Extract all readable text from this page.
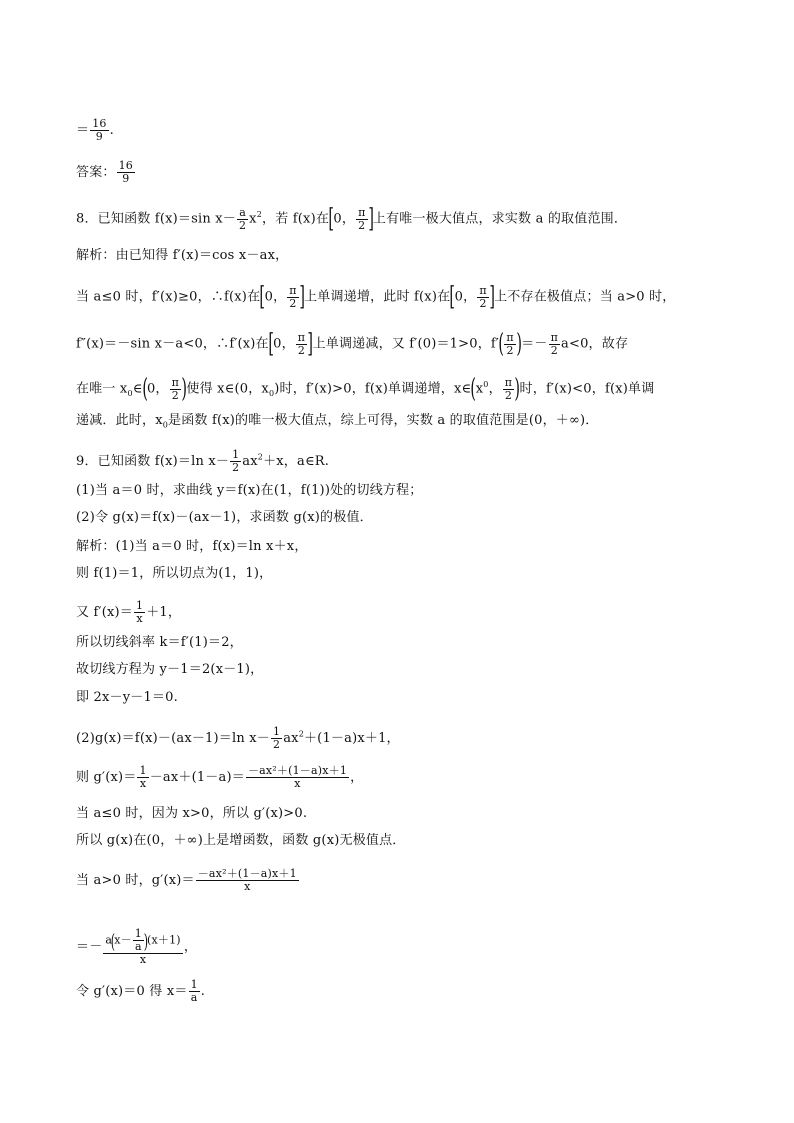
＝ $\frac{16}{9}$ .
答案： $\frac{16}{9}$
8．已知函数 f(x)＝sin $x- \frac{a}{2} x^2$，若 f(x)在[0， $\frac{\pi}{2}$ ]上有唯一极大值点，求实数 a 的取值范围．
解析：由已知得 f′(x)＝cos x－ax，
当 a≤0 时，f′(x)≥0，∴f(x)在[0， $\frac{\pi}{2}$ ]上单调递增，此时 f(x)在[0， $\frac{\pi}{2}$ ]上不存在极值点；当 a>0 时，
f″(x)＝－sin x－a<0，∴f′(x)在[0， $\frac{\pi}{2}$ ]上单调递减，又 f′(0)＝1>0，$f'( \frac{\pi}{2}$ )＝－ $\frac{\pi}{2} a<0$，故存
在唯一 $x_0\in(0$， $\frac{\pi}{2}$ )使得 x∈(0，$x_0$)时，f′(x)>0，f(x)单调递增，$x\in(x^0$， $\frac{\pi}{2}$ )时，f′(x)<0，f(x)单调
递减．此时，$x_0$是函数 f(x)的唯一极大值点，综上可得，实数 a 的取值范围是(0，＋∞)．
9．已知函数 f(x)＝ln $x- \frac{1}{2} ax^2+x$，a∈R.
(1)当 a＝0 时，求曲线 y＝f(x)在(1，f(1))处的切线方程；
(2)令 g(x)＝f(x)－(ax－1)，求函数 g(x)的极值．
解析：(1)当 a＝0 时，f(x)＝ln x＋x，
则 f(1)＝1，所以切点为(1，1)，
又 $f'(x)= \frac{1}{x} +1$，
所以切线斜率 k＝f′(1)＝2，
故切线方程为 y－1＝2(x－1)，
即 2x－y－1＝0.
(2)g(x)＝f(x)－(ax－1)＝ln $x- \frac{1}{2} ax^2+(1-a)x+1$，
则 $g'(x)= \frac{1}{x} -ax+(1-a)= \frac{\text{－ax²＋(1－a)x＋1}}{x}$ ，
当 a≤0 时，因为 x>0，所以 g′(x)>0.
所以 g(x)在(0，＋∞)上是增函数，函数 g(x)无极值点．
当 a>0 时，$g'(x)= \frac{\text{－ax²＋(1－a)x＋1}}{x}$
＝－ $\frac{a(x- \frac{1}{a} )(x+1)}{x}$ ，
令 g′(x)＝0 得 $x= \frac{1}{a}$ .
